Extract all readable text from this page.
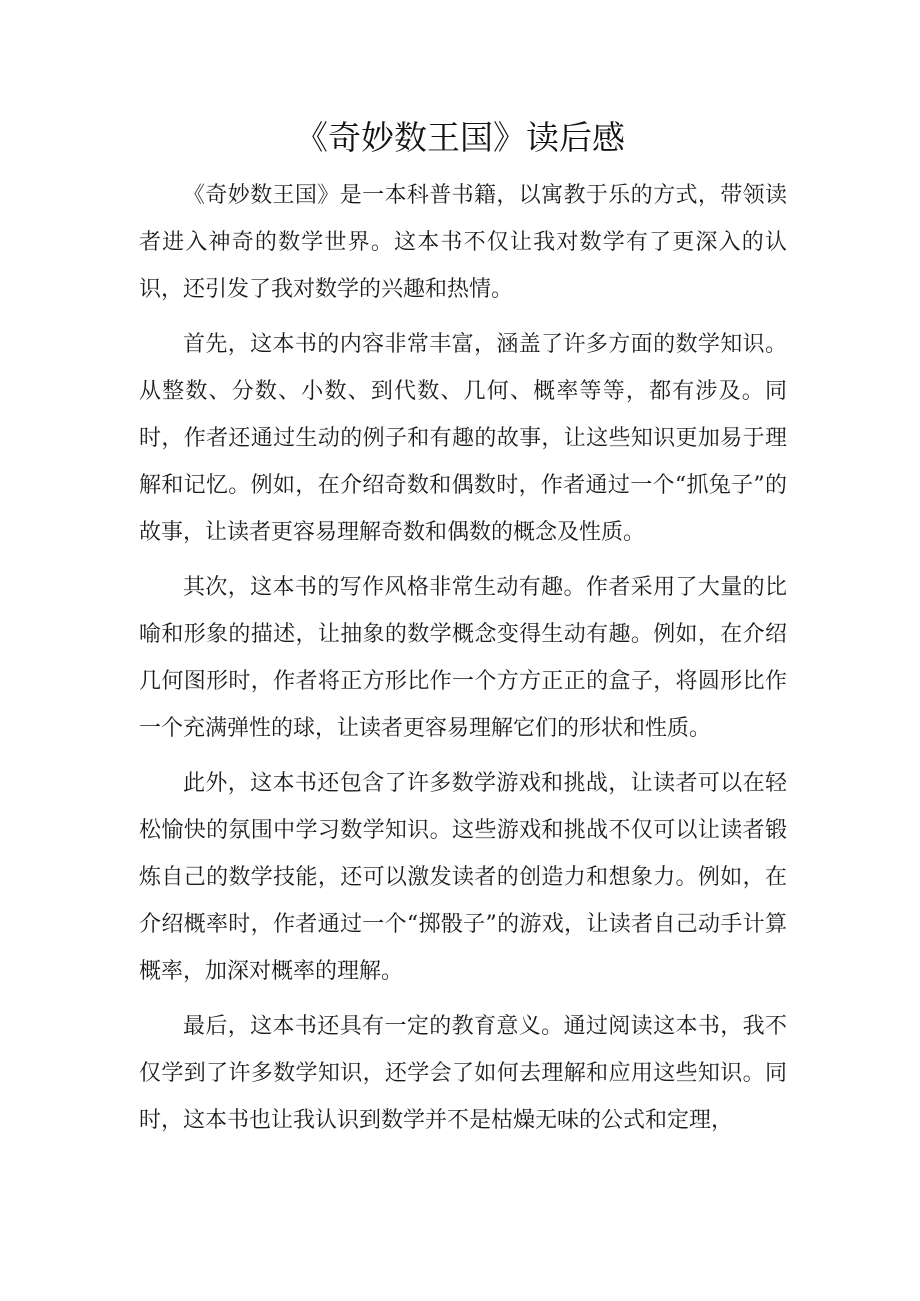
《奇妙数王国》读后感

《奇妙数王国》是一本科普书籍，以寓教于乐的方式，带领读者进入神奇的数学世界。这本书不仅让我对数学有了更深入的认识，还引发了我对数学的兴趣和热情。

首先，这本书的内容非常丰富，涵盖了许多方面的数学知识。从整数、分数、小数、到代数、几何、概率等等，都有涉及。同时，作者还通过生动的例子和有趣的故事，让这些知识更加易于理解和记忆。例如，在介绍奇数和偶数时，作者通过一个“抓兔子”的故事，让读者更容易理解奇数和偶数的概念及性质。

其次，这本书的写作风格非常生动有趣。作者采用了大量的比喻和形象的描述，让抽象的数学概念变得生动有趣。例如，在介绍几何图形时，作者将正方形比作一个方方正正的盒子，将圆形比作一个充满弹性的球，让读者更容易理解它们的形状和性质。

此外，这本书还包含了许多数学游戏和挑战，让读者可以在轻松愉快的氛围中学习数学知识。这些游戏和挑战不仅可以让读者锻炼自己的数学技能，还可以激发读者的创造力和想象力。例如，在介绍概率时，作者通过一个“掷骰子”的游戏，让读者自己动手计算概率，加深对概率的理解。

最后，这本书还具有一定的教育意义。通过阅读这本书，我不仅学到了许多数学知识，还学会了如何去理解和应用这些知识。同时，这本书也让我认识到数学并不是枯燥无味的公式和定理，
